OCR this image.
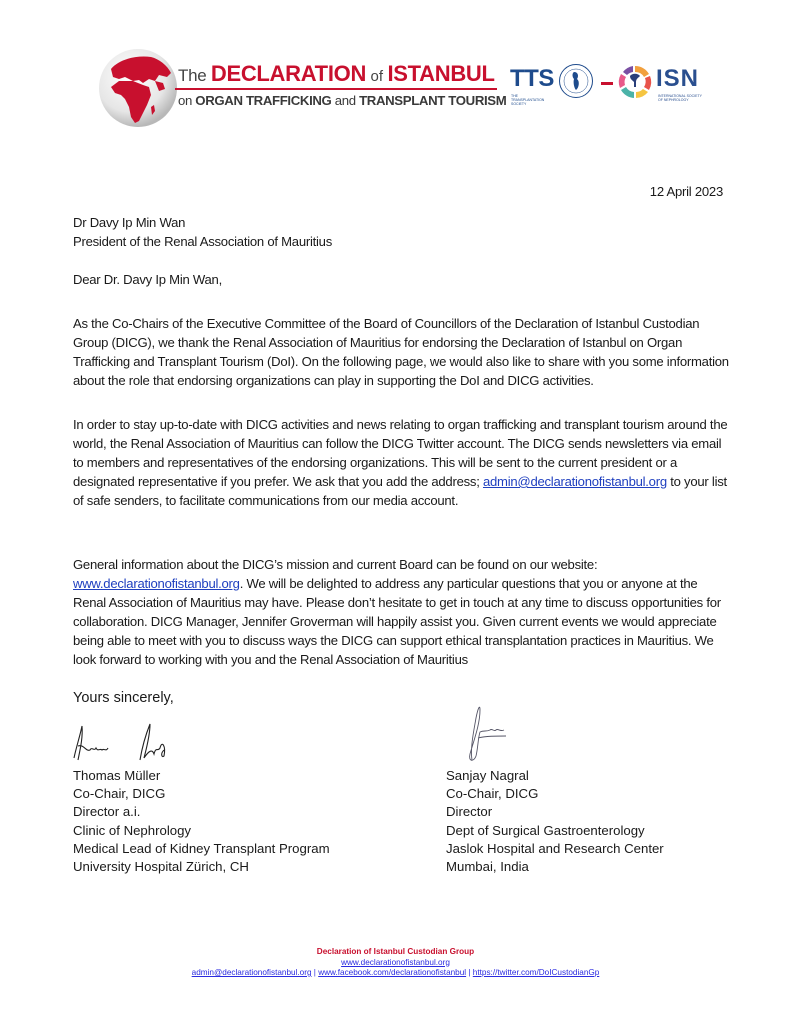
The DECLARATION of ISTANBUL
on ORGAN TRAFFICKING and TRANSPLANT TOURISM
TTS
THE TRANSPLANTATION SOCIETY
ISN
INTERNATIONAL SOCIETY OF NEPHROLOGY
12 April 2023
Dr Davy Ip Min Wan
President of the Renal Association of Mauritius
Dear Dr. Davy Ip Min Wan,
As the Co-Chairs of the Executive Committee of the Board of Councillors of the Declaration of Istanbul Custodian Group (DICG), we thank the Renal Association of Mauritius for endorsing the Declaration of Istanbul on Organ Trafficking and Transplant Tourism (DoI). On the following page, we would also like to share with you some information about the role that endorsing organizations can play in supporting the DoI and DICG activities.
In order to stay up-to-date with DICG activities and news relating to organ trafficking and transplant tourism around the world, the Renal Association of Mauritius can follow the DICG Twitter account. The DICG sends newsletters via email to members and representatives of the endorsing organizations. This will be sent to the current president or a designated representative if you prefer. We ask that you add the address; admin@declarationofistanbul.org to your list of safe senders, to facilitate communications from our media account.
General information about the DICG’s mission and current Board can be found on our website: www.declarationofistanbul.org. We will be delighted to address any particular questions that you or anyone at the Renal Association of Mauritius may have. Please don’t hesitate to get in touch at any time to discuss opportunities for collaboration. DICG Manager, Jennifer Groverman will happily assist you. Given current events we would appreciate being able to meet with you to discuss ways the DICG can support ethical transplantation practices in Mauritius. We look forward to working with you and the Renal Association of Mauritius
Yours sincerely,
Thomas Müller
Co-Chair, DICG
Director a.i.
Clinic of Nephrology
Medical Lead of Kidney Transplant Program
University Hospital Zürich, CH
Sanjay Nagral
Co-Chair, DICG
Director
Dept of Surgical Gastroenterology
Jaslok Hospital and Research Center
Mumbai, India
Declaration of Istanbul Custodian Group
www.declarationofistanbul.org
admin@declarationofistanbul.org | www.facebook.com/declarationofistanbul | https://twitter.com/DoICustodianGp
